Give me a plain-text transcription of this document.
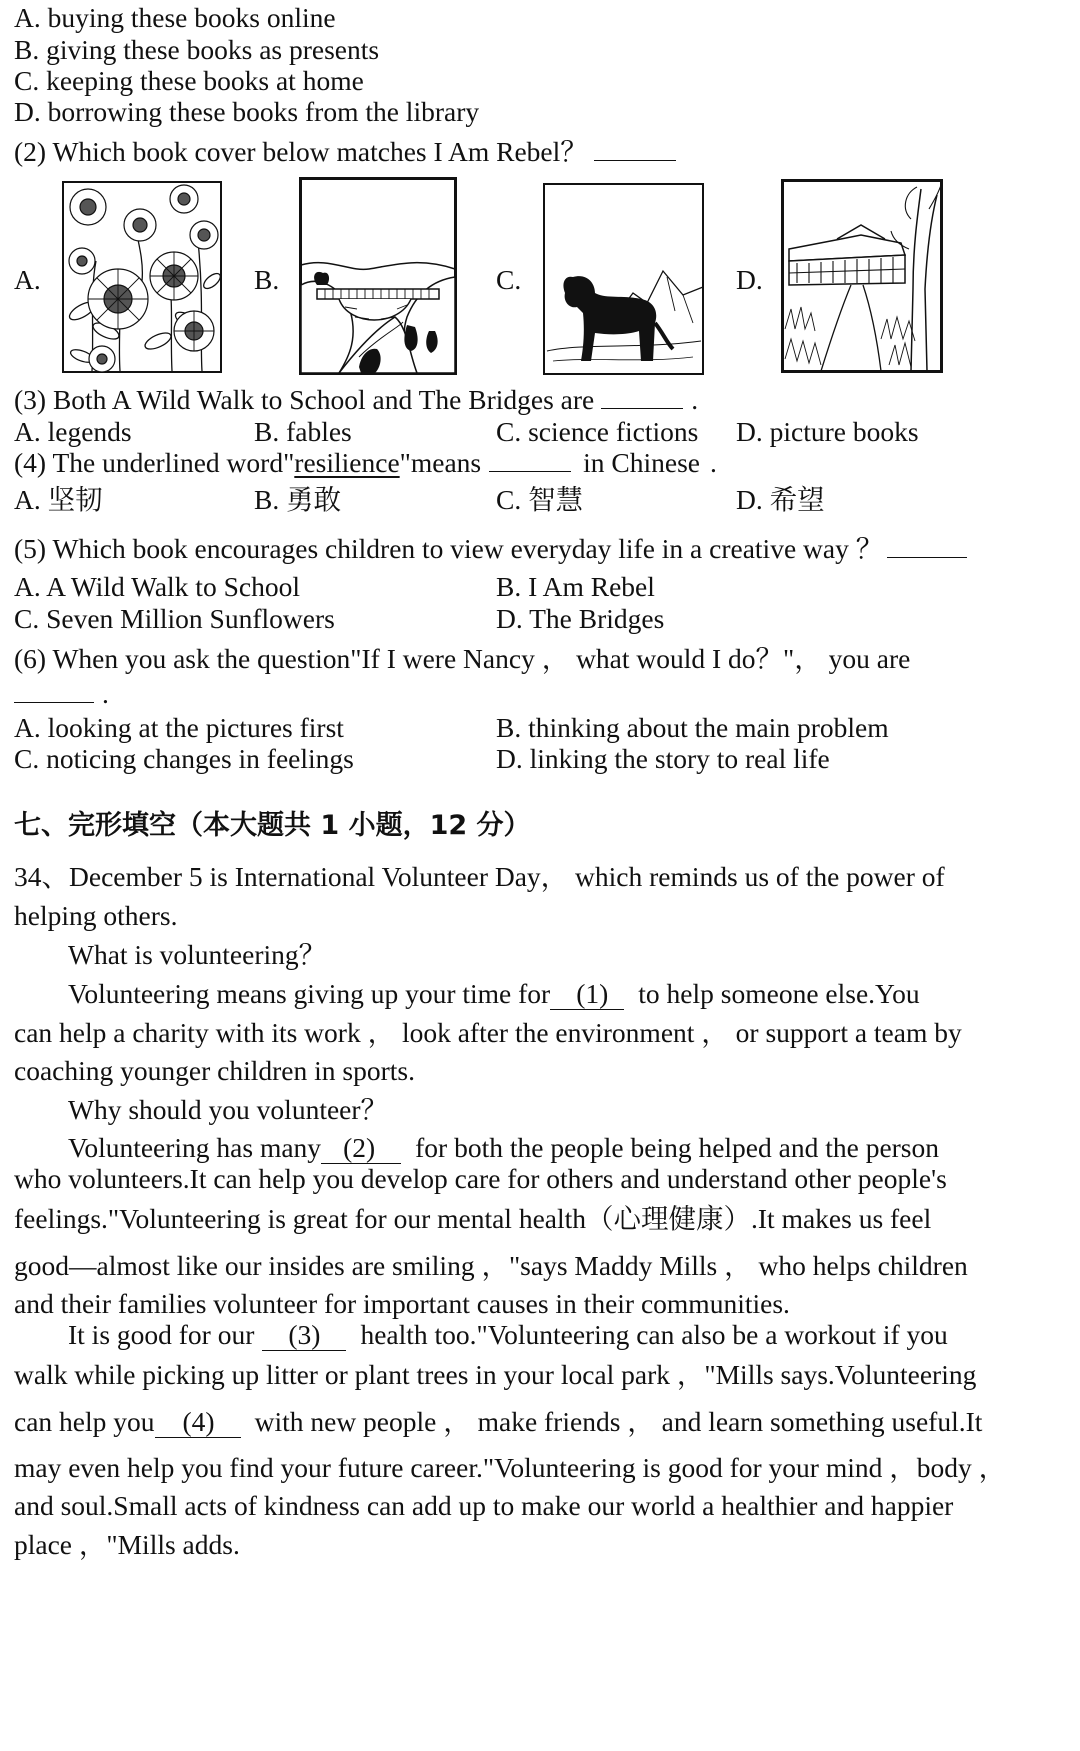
A. buying these books online
B. giving these books as presents
C. keeping these books at home
D. borrowing these books from the library
(2) Which book cover below matches I Am Rebel？
A.	B.	C.	D.
(3) Both A Wild Walk to School and The Bridges are	.
A. legends	B. fables	C. science fictions D. picture books
(4) The underlined word"resilience"means	in Chinese .
A. 坚韧	B. 勇敢	C. 智慧	D. 希望
(5) Which book encourages children to view everyday life in a creative way ？
A. A Wild Walk to School	B. I Am Rebel
C. Seven Million Sunflowers	D. The Bridges
(6) When you ask the question"If I were Nancy ， what would I do？"， you are
.
A. looking at the pictures first	B. thinking about the main problem
C. noticing changes in feelings	D. linking the story to real life
七、完形填空（本大题共 1 小题，12 分）
34、December 5 is International Volunteer Day， which reminds us of the power of
helping others.
What is volunteering？
Volunteering means giving up your time for (1) to help someone else.You
can help a charity with its work ， look after the environment ， or support a team by
coaching younger children in sports.
Why should you volunteer？
Volunteering has many (2) for both the people being helped and the person
who volunteers.It can help you develop care for others and understand other people's
feelings."Volunteering is great for our mental health（心理健康）.It makes us feel
good—almost like our insides are smiling ，"says Maddy Mills ， who helps children
and their families volunteer for important causes in their communities.
It is good for our (3) health too."Volunteering can also be a workout if you
walk while picking up litter or plant trees in your local park ，"Mills says.Volunteering
can help you (4) with new people ， make friends ， and learn something useful.It
may even help you find your future career."Volunteering is good for your mind ，body ，
and soul.Small acts of kindness can add up to make our world a healthier and happier
place ，"Mills adds.
